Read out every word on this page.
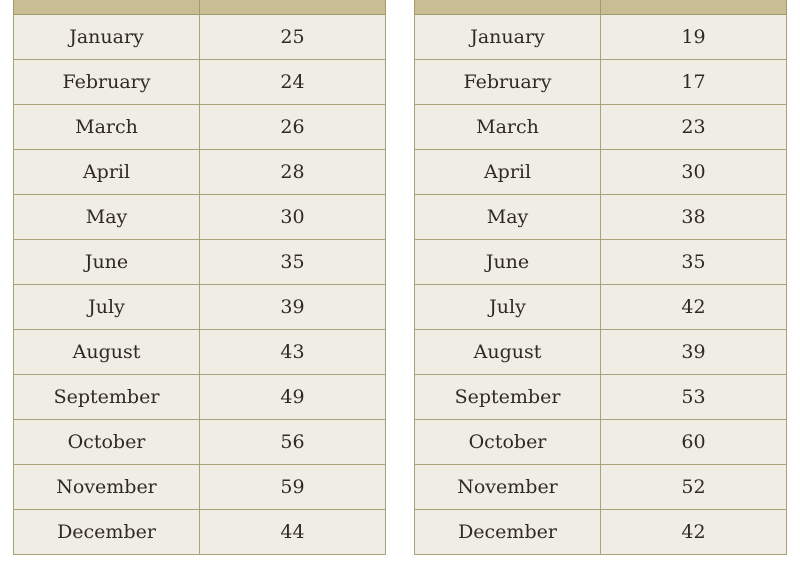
January	25
February	24
March	26
April	28
May	30
June	35
July	39
August	43
September	49
October	56
November	59
December	44

January	19
February	17
March	23
April	30
May	38
June	35
July	42
August	39
September	53
October	60
November	52
December	42
